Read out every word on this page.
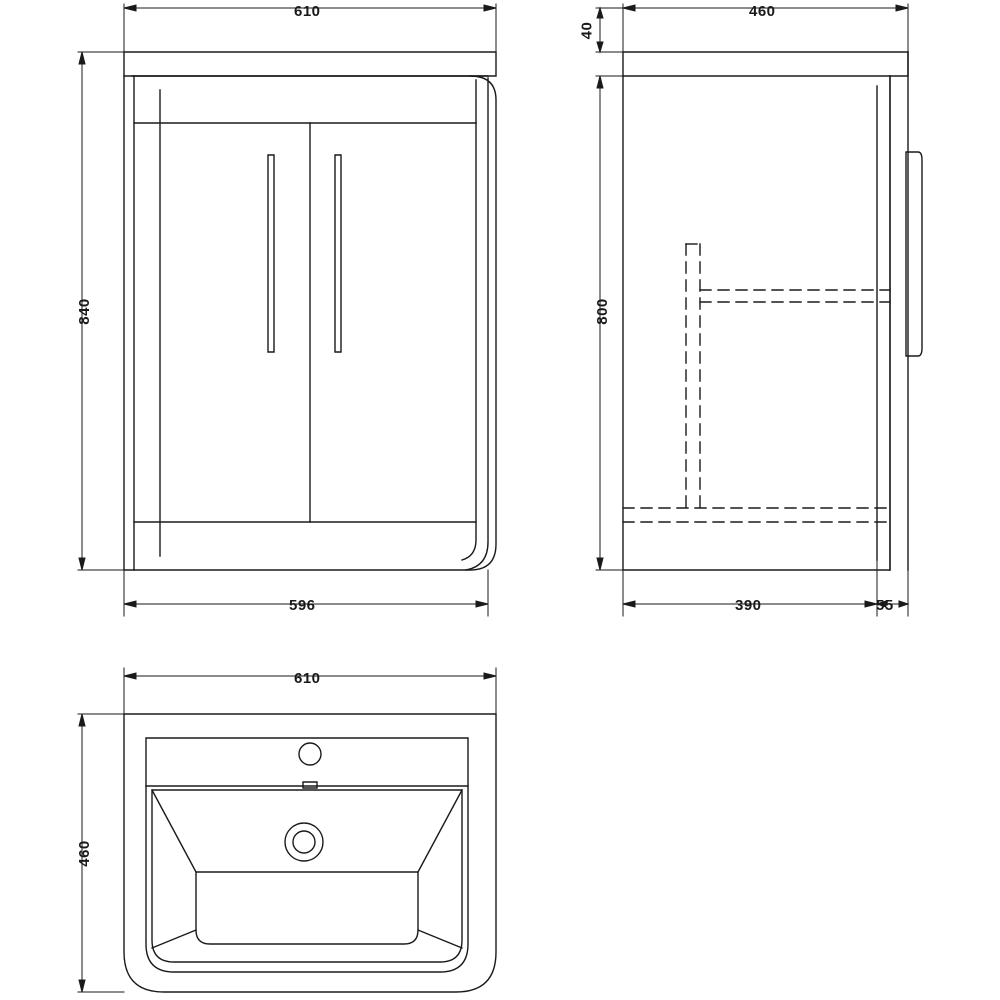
610
840
596
40
460
800
390	55
610
460
